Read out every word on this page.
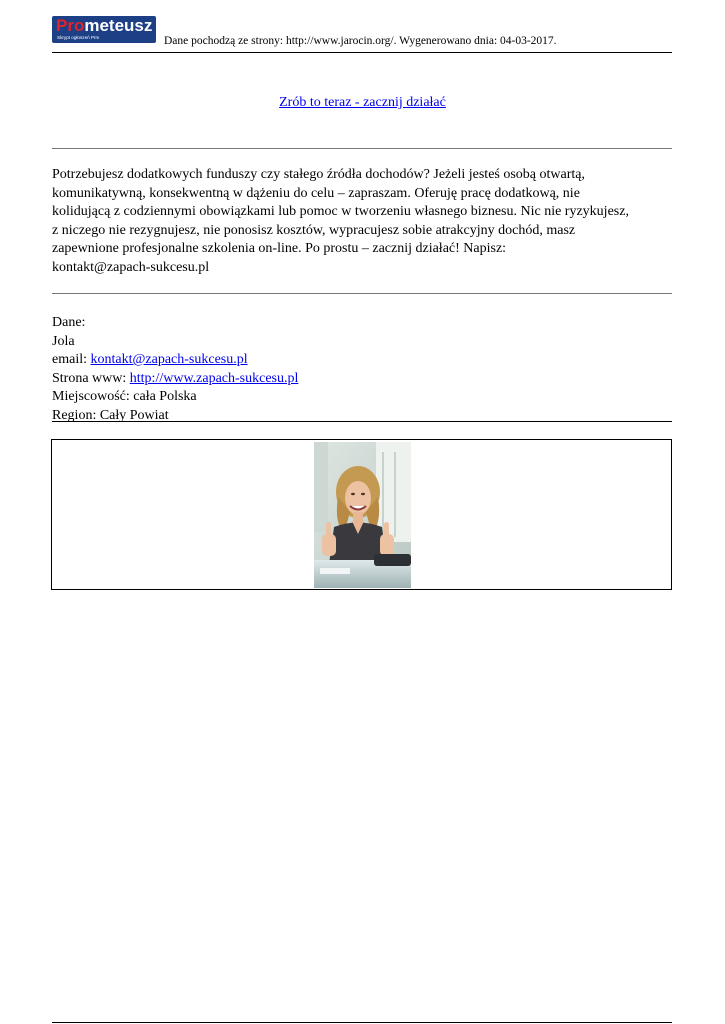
Prometeusz
Skrypt ogłoszeń Prm	Dane pochodzą ze strony: http://www.jarocin.org/. Wygenerowano dnia: 04-03-2017.
Zrób to teraz - zacznij działać
Potrzebujesz dodatkowych funduszy czy stałego źródła dochodów? Jeżeli jesteś osobą otwartą,
komunikatywną, konsekwentną w dążeniu do celu – zapraszam. Oferuję pracę dodatkową, nie
kolidującą z codziennymi obowiązkami lub pomoc w tworzeniu własnego biznesu. Nic nie ryzykujesz,
z niczego nie rezygnujesz, nie ponosisz kosztów, wypracujesz sobie atrakcyjny dochód, masz
zapewnione profesjonalne szkolenia on-line. Po prostu – zacznij działać! Napisz:
kontakt@zapach-sukcesu.pl
Dane:
Jola
email: kontakt@zapach-sukcesu.pl
Strona www: http://www.zapach-sukcesu.pl
Miejscowość: cała Polska
Region: Cały Powiat
